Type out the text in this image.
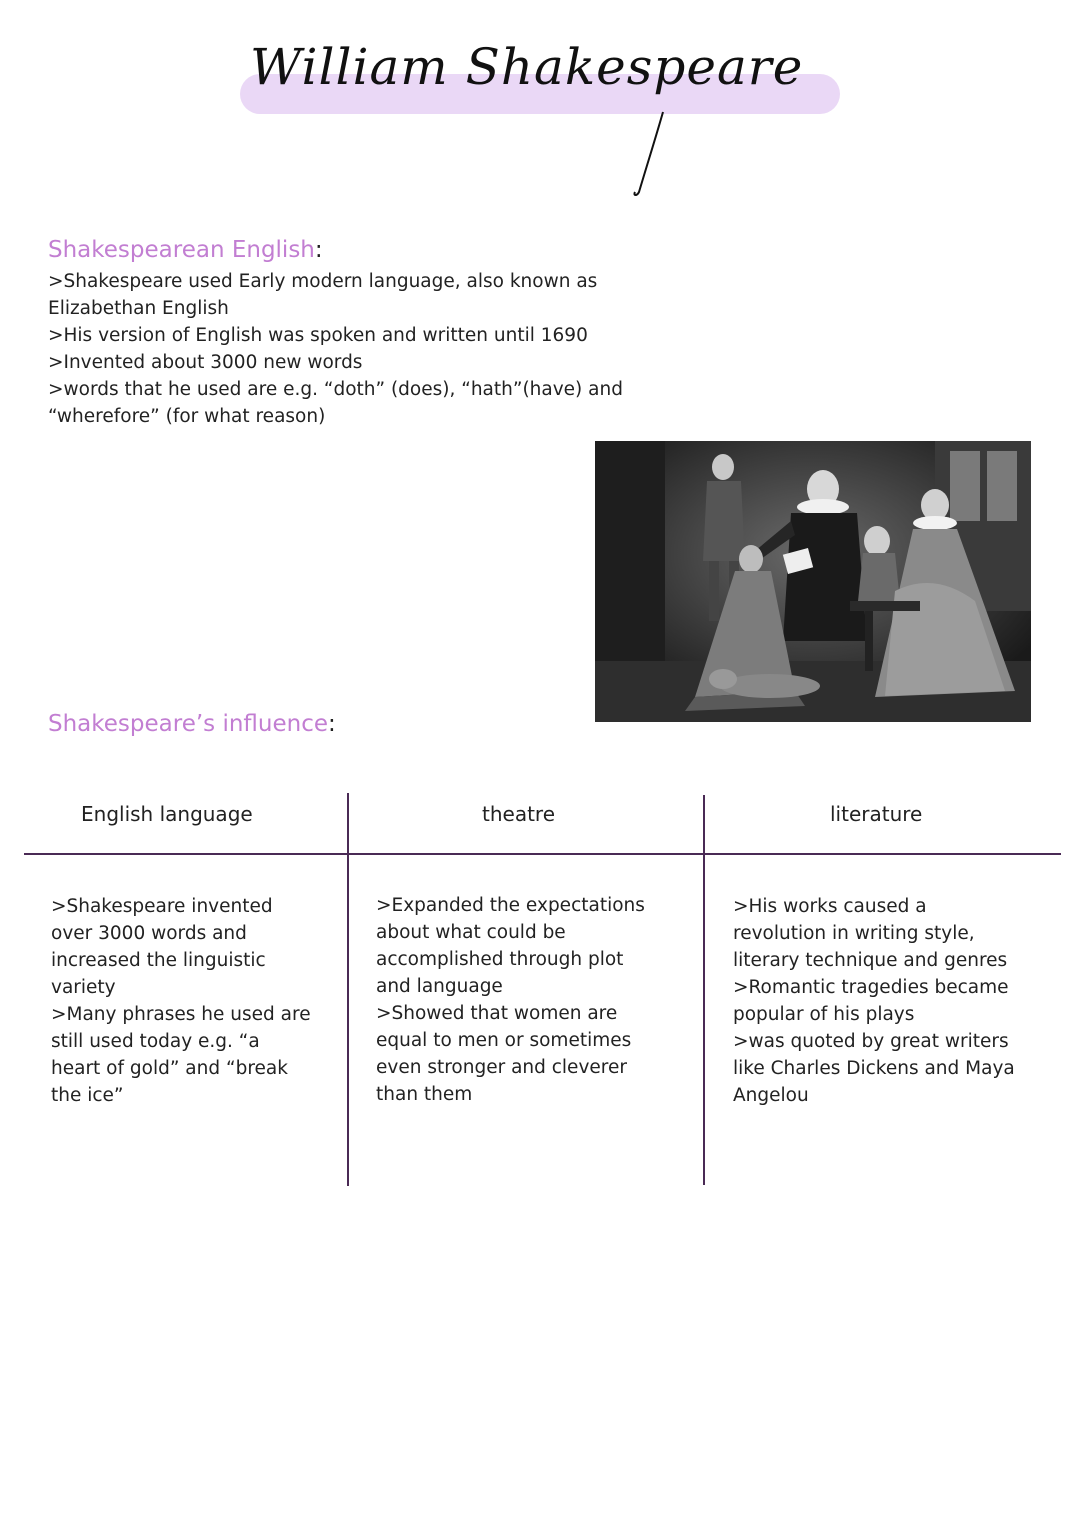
William Shakespeare
Shakespearean English:

>Shakespeare used Early modern language, also known as

Elizabethan English

>His version of English was spoken and written until 1690

>Invented about 3000 new words

>words that he used are e.g. “doth” (does), “hath”(have) and

“wherefore” (for what reason)

Shakespeare’s influence:
English language	theatre	literature

>Shakespeare invented

over 3000 words and

increased the linguistic

variety

>Many phrases he used are

still used today e.g. “a

heart of gold” and “break

the ice”

>Expanded the expectations

about what could be

accomplished through plot

and language

>Showed that women are

equal to men or sometimes

even stronger and cleverer

than them

>His works caused a

revolution in writing style,

literary technique and genres

>Romantic tragedies became

popular of his plays

>was quoted by great writers

like Charles Dickens and Maya

Angelou
